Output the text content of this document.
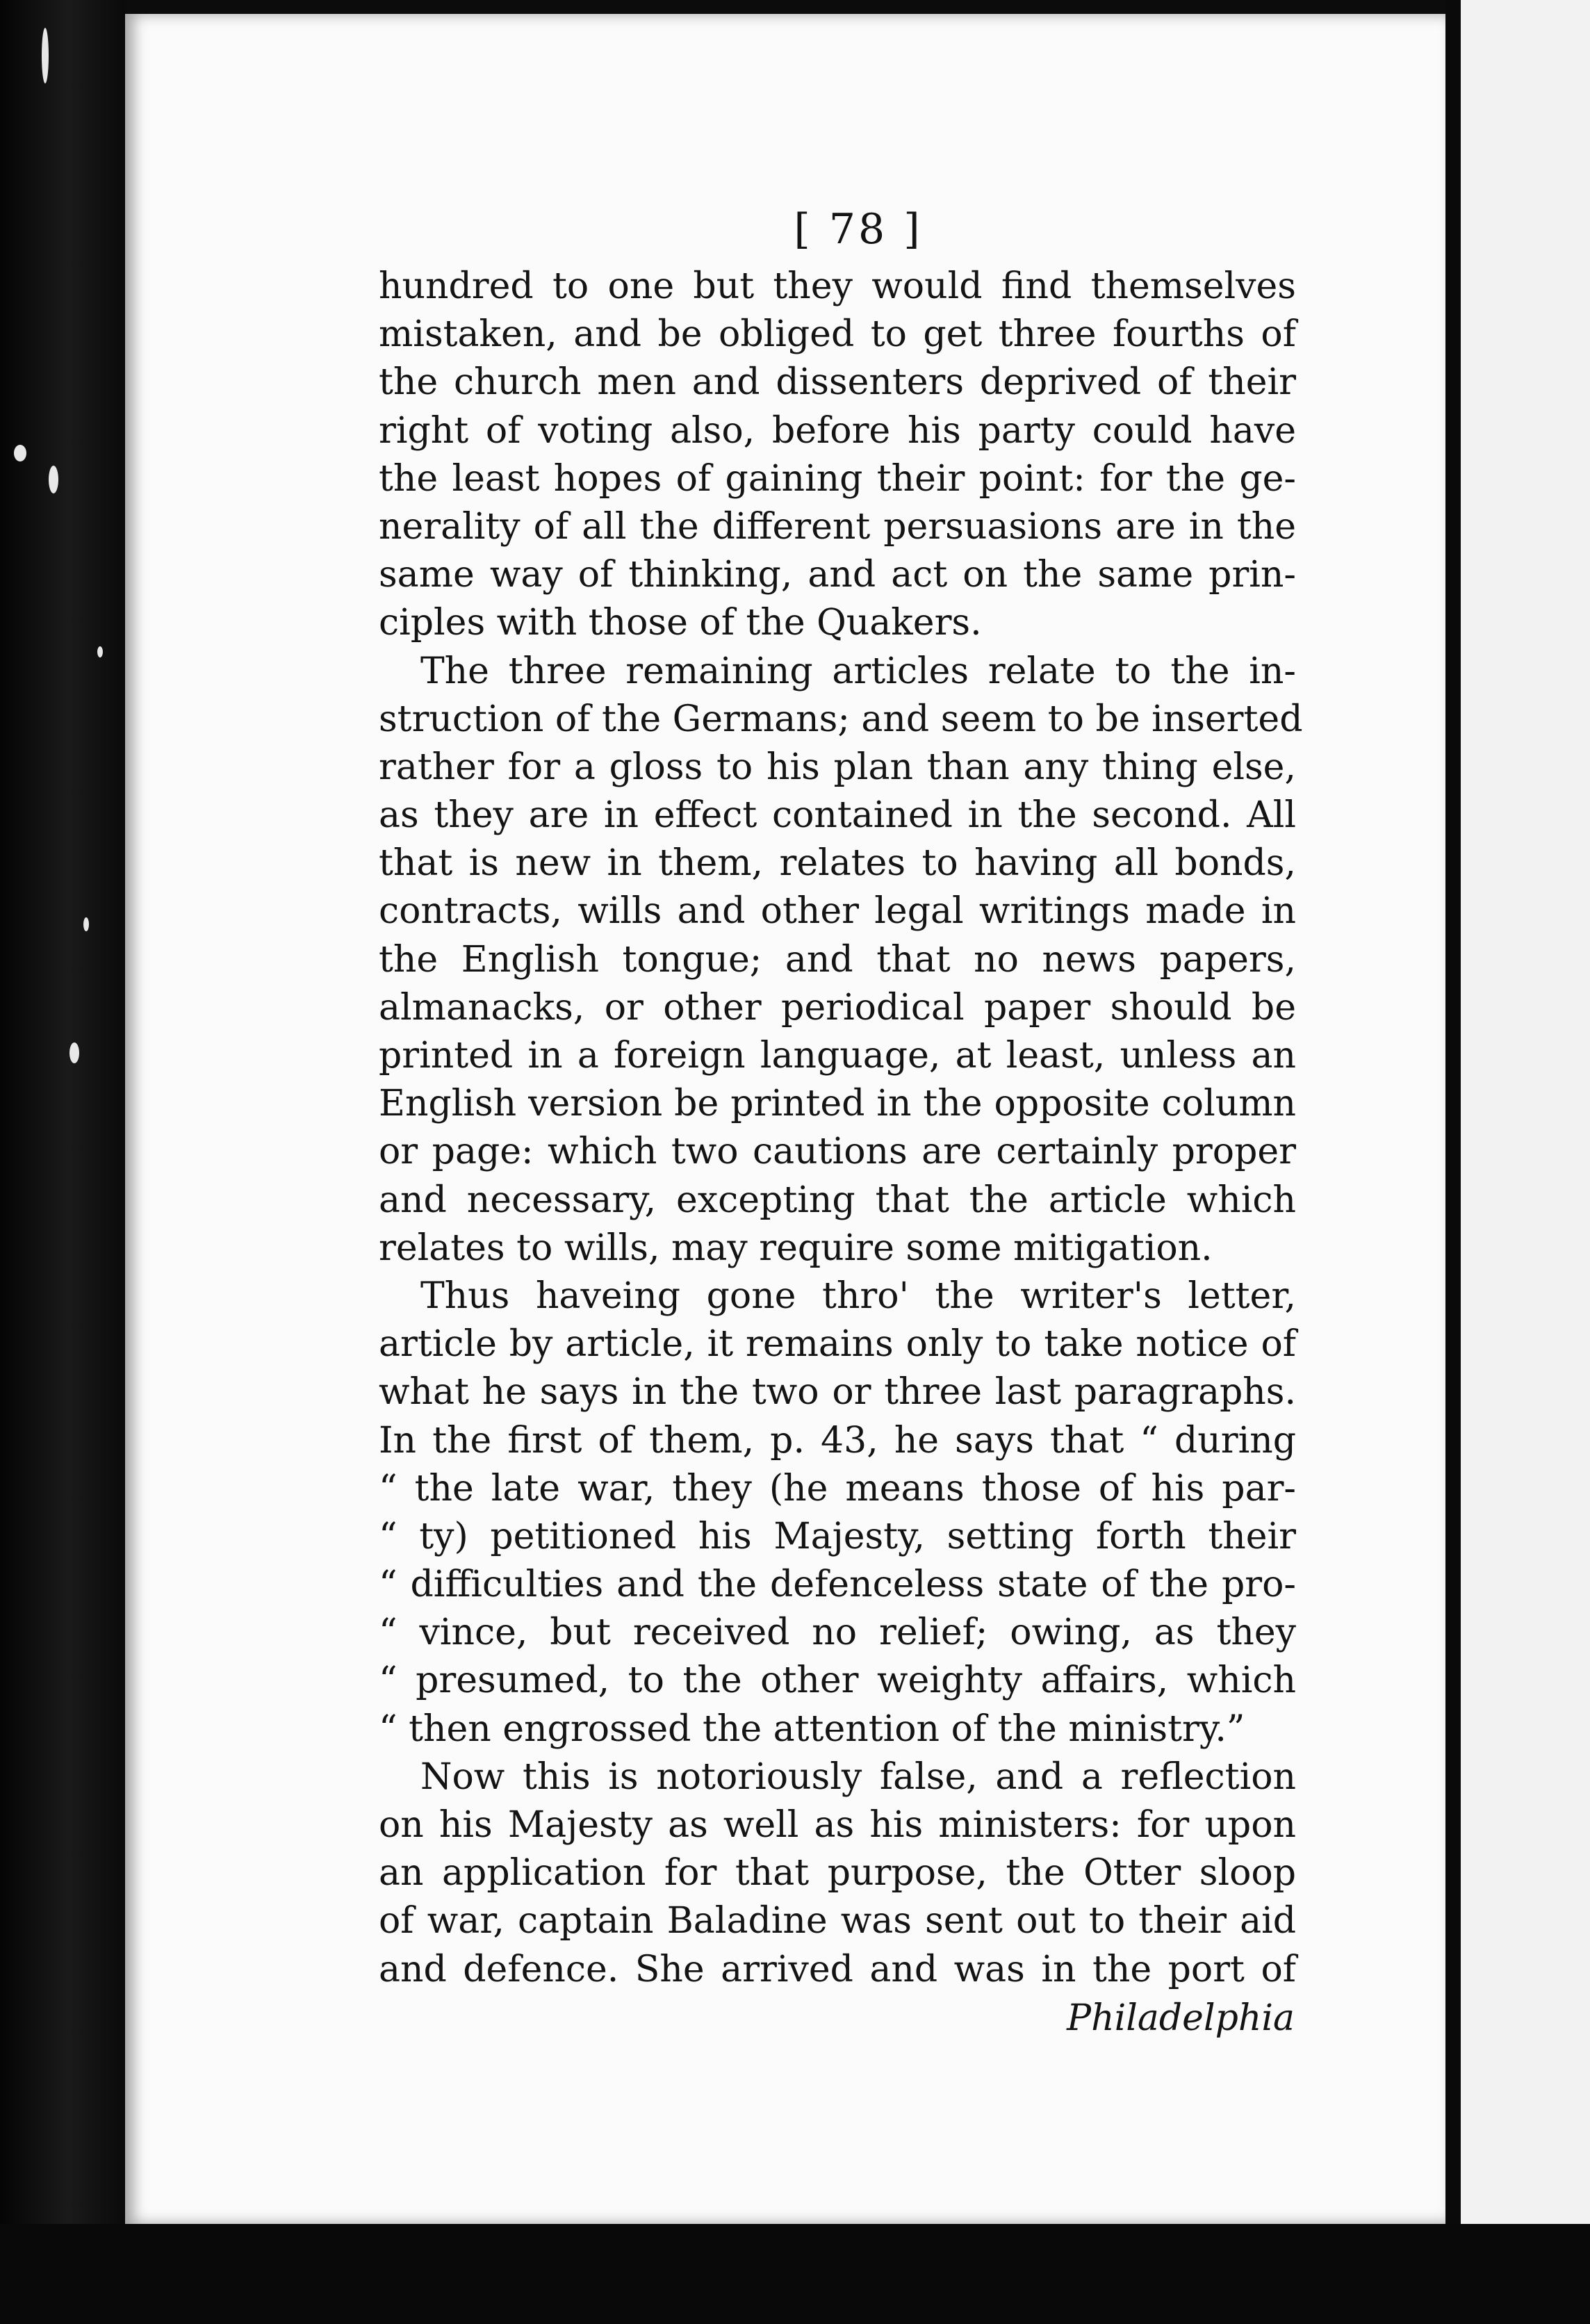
[ 78 ]
hundred to one but they would find themselves
mistaken, and be obliged to get three fourths of
the church men and dissenters deprived of their
right of voting also, before his party could have
the least hopes of gaining their point: for the ge-
nerality of all the different persuasions are in the
same way of thinking, and act on the same prin-
ciples with those of the Quakers.
The three remaining articles relate to the in-
struction of the Germans; and seem to be inserted
rather for a gloss to his plan than any thing else,
as they are in effect contained in the second. All
that is new in them, relates to having all bonds,
contracts, wills and other legal writings made in
the English tongue; and that no news papers,
almanacks, or other periodical paper should be
printed in a foreign language, at least, unless an
English version be printed in the opposite column
or page: which two cautions are certainly proper
and necessary, excepting that the article which
relates to wills, may require some mitigation.
Thus haveing gone thro' the writer's letter,
article by article, it remains only to take notice of
what he says in the two or three last paragraphs.
In the first of them, p. 43, he says that “ during
“ the late war, they (he means those of his par-
“ ty) petitioned his Majesty, setting forth their
“ difficulties and the defenceless state of the pro-
“ vince, but received no relief; owing, as they
“ presumed, to the other weighty affairs, which
“ then engrossed the attention of the ministry.”
Now this is notoriously false, and a reflection
on his Majesty as well as his ministers: for upon
an application for that purpose, the Otter sloop
of war, captain Baladine was sent out to their aid
and defence. She arrived and was in the port of
Philadelphia
